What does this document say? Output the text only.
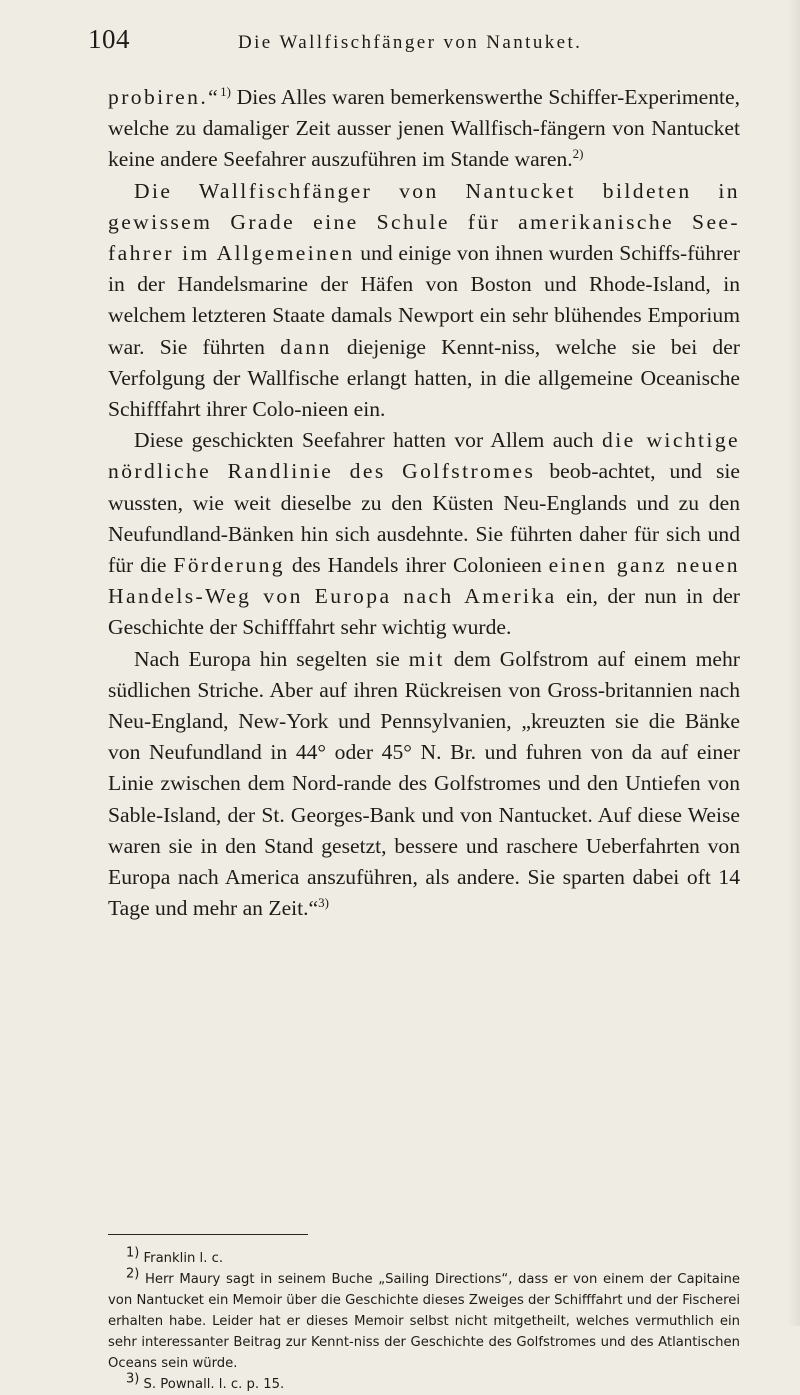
104	Die Wallfischfänger von Nantuket.

probiren.“$^{1)}$ Dies Alles waren bemerkenswerthe Schiffer-Experimente, welche zu damaliger Zeit ausser jenen Wallfisch-fängern von Nantucket keine andere Seefahrer auszuführen im Stande waren.$^{2)}$

Die Wallfischfänger von Nantucket bildeten in gewissem Grade eine Schule für amerikanische See-fahrer im Allgemeinen und einige von ihnen wurden Schiffs-führer in der Handelsmarine der Häfen von Boston und Rhode-Island, in welchem letzteren Staate damals Newport ein sehr blühendes Emporium war. Sie führten dann diejenige Kennt-niss, welche sie bei der Verfolgung der Wallfische erlangt hatten, in die allgemeine Oceanische Schifffahrt ihrer Colo-nieen ein.

Diese geschickten Seefahrer hatten vor Allem auch die wichtige nördliche Randlinie des Golfstromes beob-achtet, und sie wussten, wie weit dieselbe zu den Küsten Neu-Englands und zu den Neufundland-Bänken hin sich ausdehnte. Sie führten daher für sich und für die Förderung des Handels ihrer Colonieen einen ganz neuen Handels-Weg von Europa nach Amerika ein, der nun in der Geschichte der Schifffahrt sehr wichtig wurde.

Nach Europa hin segelten sie mit dem Golfstrom auf einem mehr südlichen Striche. Aber auf ihren Rückreisen von Gross-britannien nach Neu-England, New-York und Pennsylvanien, „kreuzten sie die Bänke von Neufundland in 44° oder 45° N. Br. und fuhren von da auf einer Linie zwischen dem Nord-rande des Golfstromes und den Untiefen von Sable-Island, der St. Georges-Bank und von Nantucket. Auf diese Weise waren sie in den Stand gesetzt, bessere und raschere Ueberfahrten von Europa nach America anszuführen, als andere. Sie sparten dabei oft 14 Tage und mehr an Zeit.“$^{3)}$

$^{1)}$ Franklin l. c.

$^{2)}$ Herr Maury sagt in seinem Buche „Sailing Directions“, dass er von einem der Capitaine von Nantucket ein Memoir über die Geschichte dieses Zweiges der Schifffahrt und der Fischerei erhalten habe. Leider hat er dieses Memoir selbst nicht mitgetheilt, welches vermuthlich ein sehr interessanter Beitrag zur Kennt-niss der Geschichte des Golfstromes und des Atlantischen Oceans sein würde.

$^{3)}$ S. Pownall. l. c. p. 15.
